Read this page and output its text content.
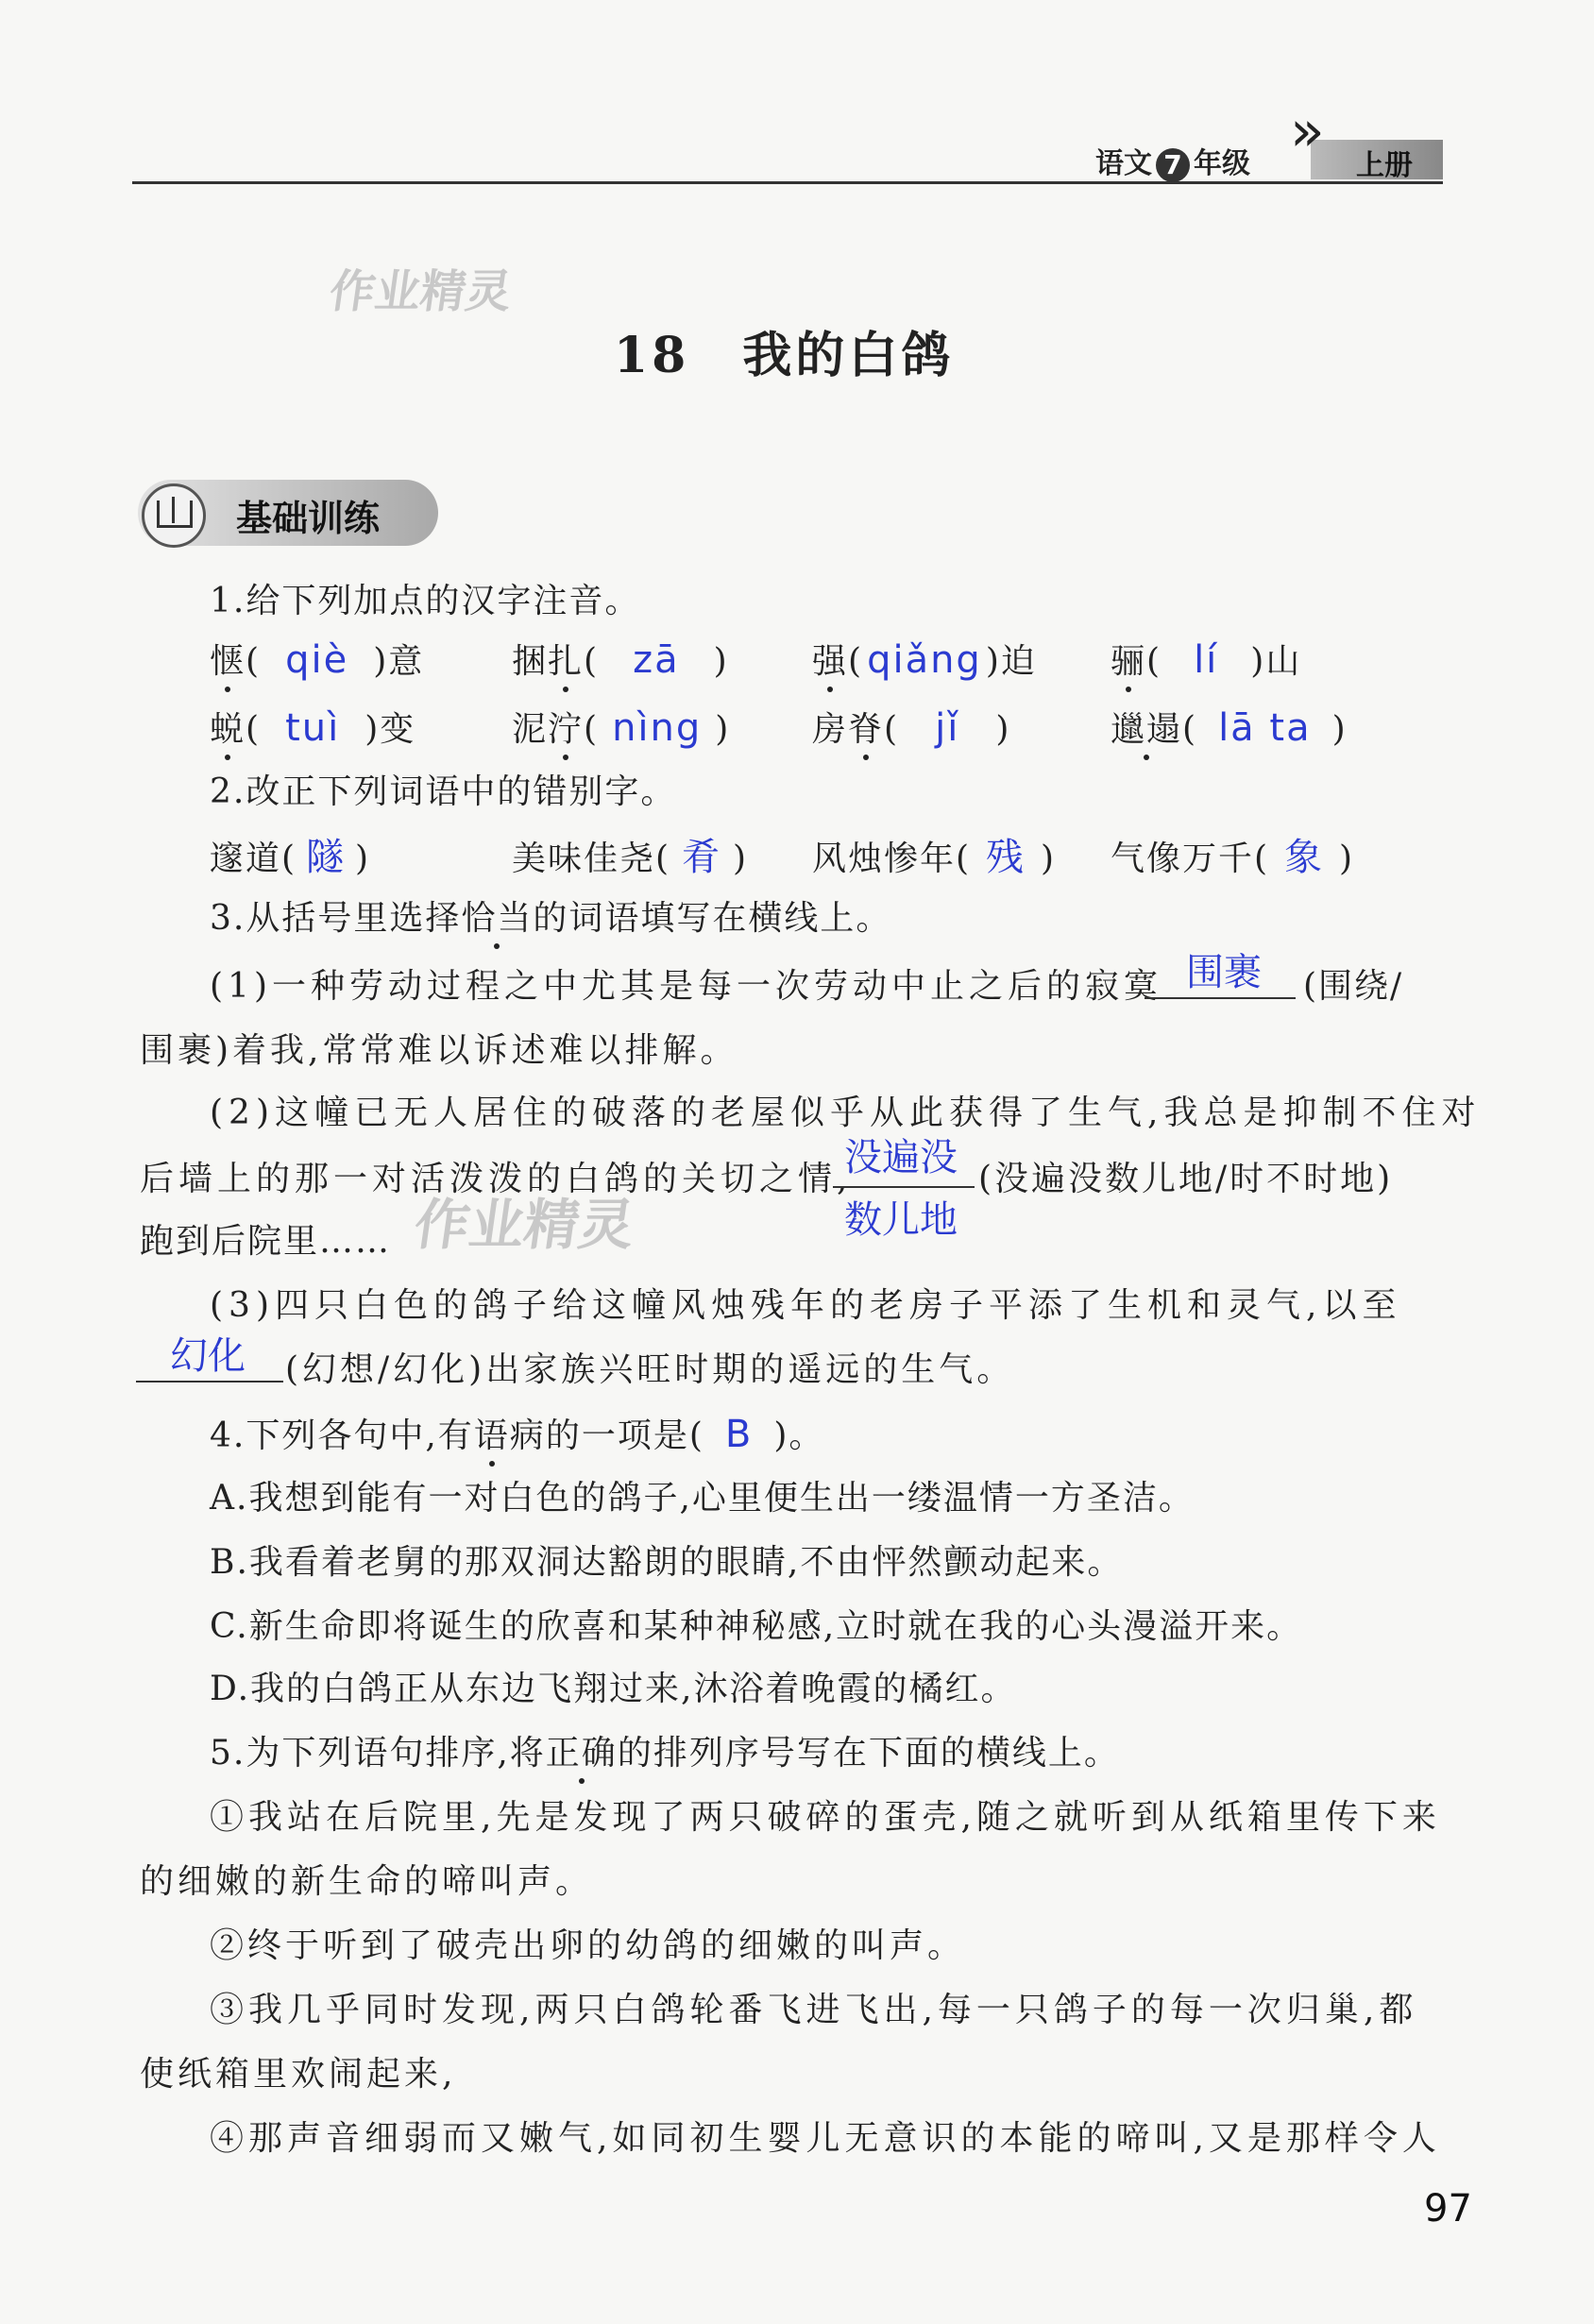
语文 7 年级 »
上册
作业精灵
作业精灵
18　我的白鸽
基础训练
1.给下列加点的汉字注音。
惬( qiè )意	捆扎( zā ) 强( qiǎng )迫 骊( lí )山
蜕( tuì )变	泥泞( nìng ) 房脊( jǐ )	邋遢( lā ta )
2.改正下列词语中的错别字。
邃道( 隧 )	美味佳尧( 肴 ) 风烛惨年( 残 ) 气像万千( 象 )
3.从括号里选择恰当的词语填写在横线上。
(1)一种劳动过程之中尤其是每一次劳动中止之后的寂寞 围裹 (围绕/
围裹)着我,常常难以诉述难以排解。
(2)这幢已无人居住的破落的老屋似乎从此获得了生气,我总是抑制不住对
后墙上的那一对活泼泼的白鸽的关切之情,
没遍没
数儿地
(没遍没数儿地/时不时地)
跑到后院里……
(3)四只白色的鸽子给这幢风烛残年的老房子平添了生机和灵气,以至
幻化 (幻想/幻化)出家族兴旺时期的遥远的生气。
4.下列各句中,有语病的一项是( B )。
A.我想到能有一对白色的鸽子,心里便生出一缕温情一方圣洁。
B.我看着老舅的那双洞达豁朗的眼睛,不由怦然颤动起来。
C.新生命即将诞生的欣喜和某种神秘感,立时就在我的心头漫溢开来。
D.我的白鸽正从东边飞翔过来,沐浴着晚霞的橘红。
5.为下列语句排序,将正确的排列序号写在下面的横线上。
①我站在后院里,先是发现了两只破碎的蛋壳,随之就听到从纸箱里传下来
的细嫩的新生命的啼叫声。
②终于听到了破壳出卵的幼鸽的细嫩的叫声。
③我几乎同时发现,两只白鸽轮番飞进飞出,每一只鸽子的每一次归巢,都
使纸箱里欢闹起来,
④那声音细弱而又嫩气,如同初生婴儿无意识的本能的啼叫,又是那样令人
97
